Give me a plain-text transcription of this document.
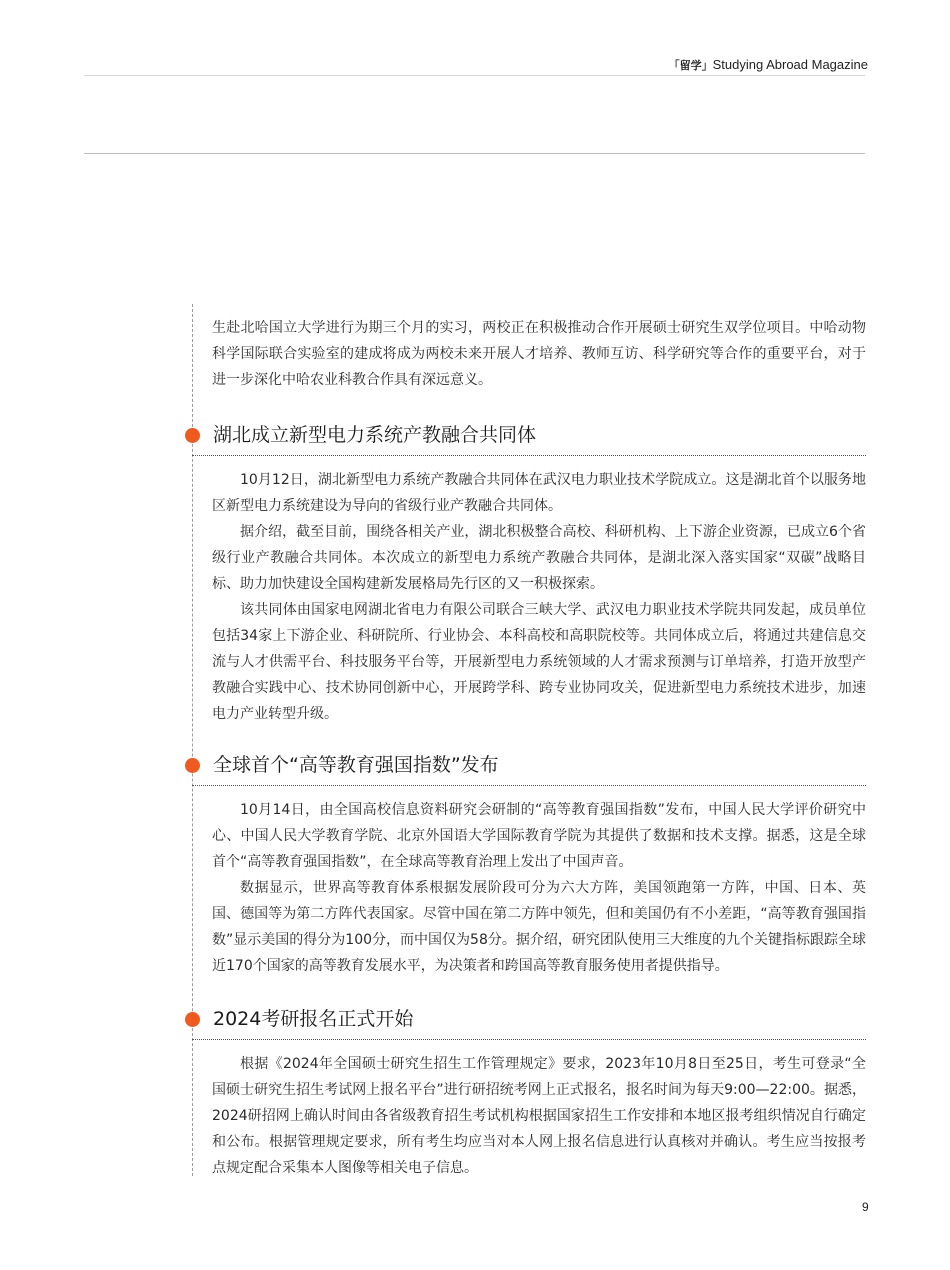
「留学」Studying Abroad Magazine

生赴北哈国立大学进行为期三个月的实习，两校正在积极推动合作开展硕士研究生双学位项目。中哈动物科学国际联合实验室的建成将成为两校未来开展人才培养、教师互访、科学研究等合作的重要平台，对于进一步深化中哈农业科教合作具有深远意义。

湖北成立新型电力系统产教融合共同体

10月12日，湖北新型电力系统产教融合共同体在武汉电力职业技术学院成立。这是湖北首个以服务地区新型电力系统建设为导向的省级行业产教融合共同体。

据介绍，截至目前，围绕各相关产业，湖北积极整合高校、科研机构、上下游企业资源，已成立6个省级行业产教融合共同体。本次成立的新型电力系统产教融合共同体，是湖北深入落实国家“双碳”战略目标、助力加快建设全国构建新发展格局先行区的又一积极探索。

该共同体由国家电网湖北省电力有限公司联合三峡大学、武汉电力职业技术学院共同发起，成员单位包括34家上下游企业、科研院所、行业协会、本科高校和高职院校等。共同体成立后，将通过共建信息交流与人才供需平台、科技服务平台等，开展新型电力系统领域的人才需求预测与订单培养，打造开放型产教融合实践中心、技术协同创新中心，开展跨学科、跨专业协同攻关，促进新型电力系统技术进步，加速电力产业转型升级。

全球首个“高等教育强国指数”发布

10月14日，由全国高校信息资料研究会研制的“高等教育强国指数”发布，中国人民大学评价研究中心、中国人民大学教育学院、北京外国语大学国际教育学院为其提供了数据和技术支撑。据悉，这是全球首个“高等教育强国指数”，在全球高等教育治理上发出了中国声音。

数据显示，世界高等教育体系根据发展阶段可分为六大方阵，美国领跑第一方阵，中国、日本、英国、德国等为第二方阵代表国家。尽管中国在第二方阵中领先，但和美国仍有不小差距，“高等教育强国指数”显示美国的得分为100分，而中国仅为58分。据介绍，研究团队使用三大维度的九个关键指标跟踪全球近170个国家的高等教育发展水平，为决策者和跨国高等教育服务使用者提供指导。

2024考研报名正式开始

根据《2024年全国硕士研究生招生工作管理规定》要求，2023年10月8日至25日，考生可登录“全国硕士研究生招生考试网上报名平台”进行研招统考网上正式报名，报名时间为每天9:00—22:00。据悉，2024研招网上确认时间由各省级教育招生考试机构根据国家招生工作安排和本地区报考组织情况自行确定和公布。根据管理规定要求，所有考生均应当对本人网上报名信息进行认真核对并确认。考生应当按报考点规定配合采集本人图像等相关电子信息。

9
